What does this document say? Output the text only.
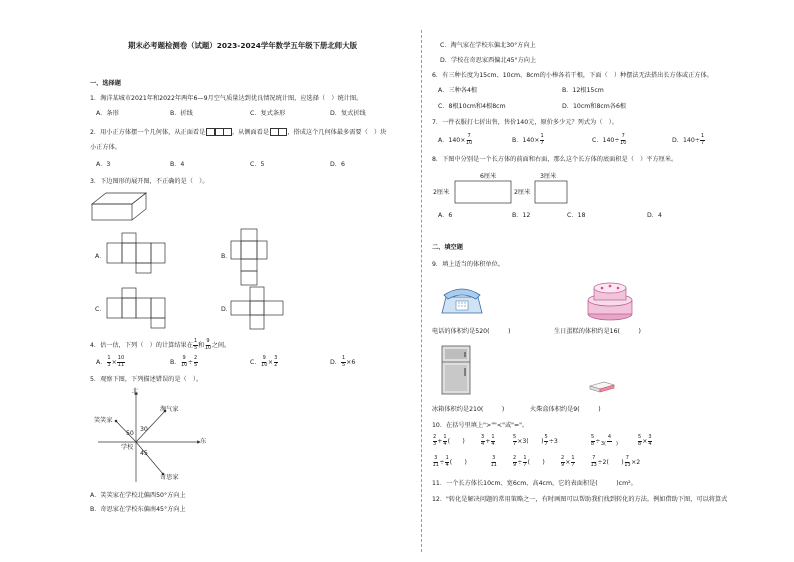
期末必考题检测卷（试题）2023-2024学年数学五年级下册北师大版
一、选择题
1．淘洋某城市2021年和2022年两年6—9月空气质量达到优良情况统计图，应选择（　）统计图。
A．条形	B．折线	C．复式条形	D．复式折线
2．用小正方体摆一个几何体，从正面看是	，从侧面看是	，搭成这个几何体最多需要（　）块
小正方体。
A．3	B．4	C．5	D．6
3．下边图形的展开图，不正确的是（　）。
A．	B．
C．	D．
4．估一估，下列（　）的计算结果在 $\frac{1}{5}$ 和 $\frac{9}{10}$ 之间。
A． $\frac{1}{3} \times \frac{10}{11}$	B． $\frac{9}{10} \div \frac{2}{5}$	C． $\frac{9}{10} \times \frac{3}{2}$	D． $\frac{1}{5} \times 6$
5．观察下图，下列描述错误的是（　）。
北
东
学校
笑笑家
淘气家
奇思家
30
50
45
A．笑笑家在学校北偏西50°方向上
B．奇思家在学校东偏南45°方向上
C．淘气家在学校东偏北30°方向上
D．学校在奇思家西偏北45°方向上
6．有三种长度为15cm、10cm、8cm的小棒各若干根，下面（　）种摆法无法搭出长方体或正方体。
A．三种各4根	B．12根15cm
C．8根10cm和4根8cm	D．10cm和8cm各6根
7．一件衣服打七折出售，售价140元，原价多少元？列式为（　）。
A．$140\times \frac{7}{10}$	B．$140\times \frac{1}{7}$	C．$140\div \frac{7}{10}$	D．$140\div \frac{1}{7}$
8．下图中分别是一个长方体的前面和右面，那么这个长方体的底面积是（　）平方厘米。
6厘米
2厘米
3厘米
2厘米
A．6	B．12	C．18	D．4
二、填空题
9．填上适当的体积单位。
电话的体积约是520(　　　)	生日蛋糕的体积约是16(　　　)
冰箱体积约是210(　　　)	火柴盒体积约是9(　　　)
10．在括号里填上">""<"或"="。
$\frac{2}{3} + \frac{1}{4}$ (　　)	$\frac{3}{4} + \frac{1}{4}$	$\frac{5}{7} \times 3$(　　) $\frac{5}{7} \div 3$	$\frac{5}{8} \div \frac{4}{3( )}$	$\frac{5}{8} \times \frac{3}{4}$
$\frac{3}{11} \div \frac{1}{4}$ (　　)	$\frac{3}{11}$	$\frac{2}{9} \div \frac{1}{7}$ (　　)	$\frac{2}{9} \times \frac{1}{7}$	$\frac{7}{13} \div 2$(　　) $\frac{7}{13} \times 2$
11．一个长方体长10cm、宽6cm、高4cm，它的表面积是(　　　)cm²。
12．"转化是解决问题的常用策略之一，有时画图可以帮助我们找到转化的方法。例如借助下图，可以将算式
